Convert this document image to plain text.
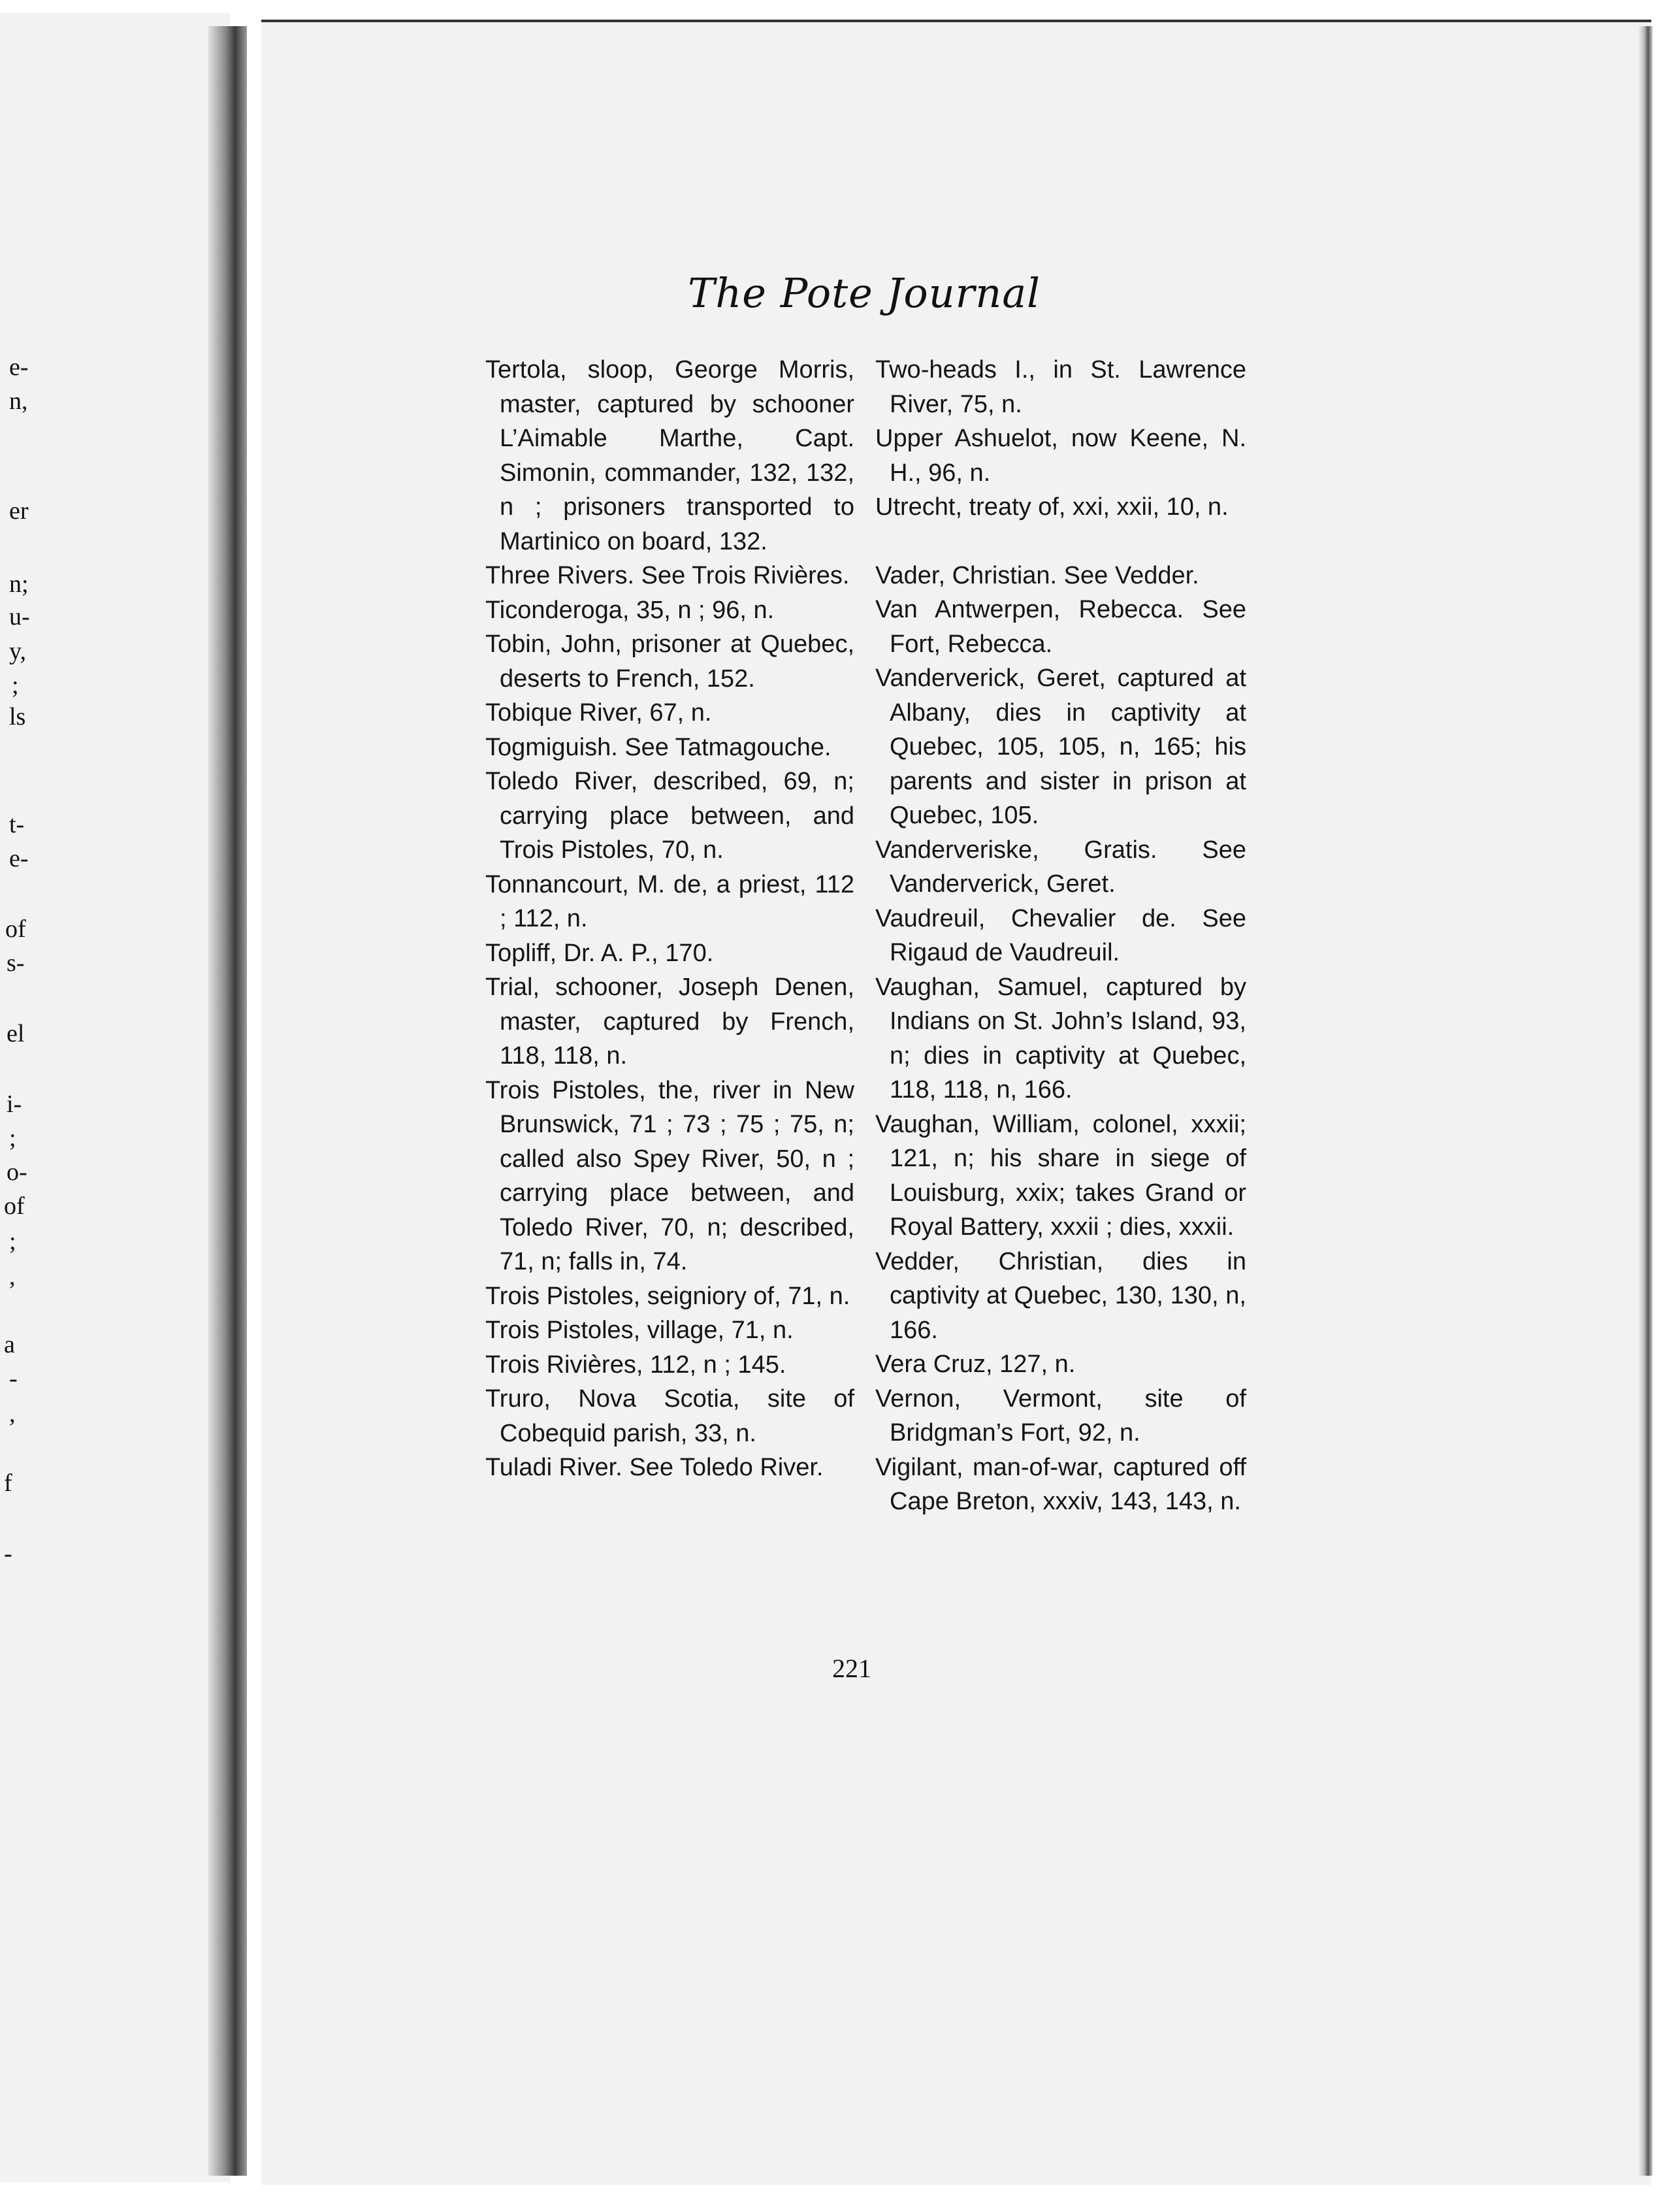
e-
n,
er
n;
u-
y,
;
ls
t-
e-
of
s-
el
i-
;
o-
of
;
,
a
-
,
f
-
The Pote Journal

Tertola, sloop, George Morris, master, captured by schooner L’Aimable Marthe, Capt. Simonin, commander, 132, 132, n ; prisoners transported to Martinico on board, 132.

Three Rivers. See Trois Rivières.

Ticonderoga, 35, n ; 96, n.

Tobin, John, prisoner at Quebec, deserts to French, 152.

Tobique River, 67, n.

Togmiguish. See Tatmagouche.

Toledo River, described, 69, n; carrying place between, and Trois Pistoles, 70, n.

Tonnancourt, M. de, a priest, 112 ; 112, n.

Topliff, Dr. A. P., 170.

Trial, schooner, Joseph Denen, master, captured by French, 118, 118, n.

Trois Pistoles, the, river in New Brunswick, 71 ; 73 ; 75 ; 75, n; called also Spey River, 50, n ; carrying place between, and Toledo River, 70, n; described, 71, n; falls in, 74.

Trois Pistoles, seigniory of, 71, n.

Trois Pistoles, village, 71, n.

Trois Rivières, 112, n ; 145.

Truro, Nova Scotia, site of Cobequid parish, 33, n.

Tuladi River. See Toledo River.

Two-heads I., in St. Lawrence River, 75, n.

Upper Ashuelot, now Keene, N. H., 96, n.

Utrecht, treaty of, xxi, xxii, 10, n.

Vader, Christian. See Vedder.

Van Antwerpen, Rebecca. See Fort, Rebecca.

Vanderverick, Geret, captured at Albany, dies in captivity at Quebec, 105, 105, n, 165; his parents and sister in prison at Quebec, 105.

Vanderveriske, Gratis. See Vanderverick, Geret.

Vaudreuil, Chevalier de. See Rigaud de Vaudreuil.

Vaughan, Samuel, captured by Indians on St. John’s Island, 93, n; dies in captivity at Quebec, 118, 118, n, 166.

Vaughan, William, colonel, xxxii; 121, n; his share in siege of Louisburg, xxix; takes Grand or Royal Battery, xxxii ; dies, xxxii.

Vedder, Christian, dies in captivity at Quebec, 130, 130, n, 166.

Vera Cruz, 127, n.

Vernon, Vermont, site of Bridgman’s Fort, 92, n.

Vigilant, man-of-war, captured off Cape Breton, xxxiv, 143, 143, n.

221
